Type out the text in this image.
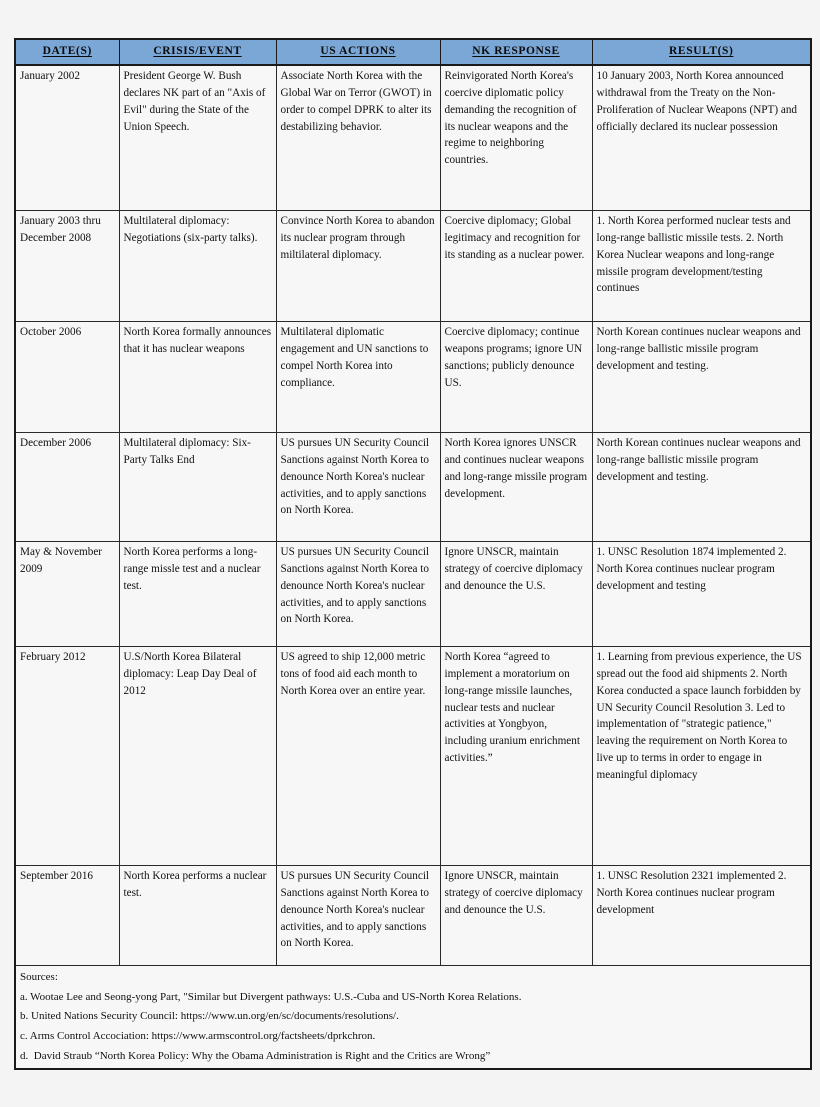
DATE(S)	CRISIS/EVENT	US ACTIONS	NK RESPONSE	RESULT(S)
January 2002	President George W. Bush declares NK part of an "Axis of Evil" during the State of the Union Speech.	Associate North Korea with the Global War on Terror (GWOT) in order to compel DPRK to alter its destabilizing behavior.	Reinvigorated North Korea's coercive diplomatic policy demanding the recognition of its nuclear weapons and the regime to neighboring countries.	10 January 2003, North Korea announced withdrawal from the Treaty on the Non-Proliferation of Nuclear Weapons (NPT) and officially declared its nuclear possession
January 2003 thru December 2008	Multilateral diplomacy: Negotiations (six-party talks).	Convince North Korea to abandon its nuclear program through miltilateral diplomacy.	Coercive diplomacy; Global legitimacy and recognition for its standing as a nuclear power.	1. North Korea performed nuclear tests and long-range ballistic missile tests. 2. North Korea Nuclear weapons and long-range missile program development/testing continues
October 2006	North Korea formally announces that it has nuclear weapons	Multilateral diplomatic engagement and UN sanctions to compel North Korea into compliance.	Coercive diplomacy; continue weapons programs; ignore UN sanctions; publicly denounce US.	North Korean continues nuclear weapons and long-range ballistic missile program development and testing.
December 2006	Multilateral diplomacy: Six-Party Talks End	US pursues UN Security Council Sanctions against North Korea to denounce North Korea's nuclear activities, and to apply sanctions on North Korea.	North Korea ignores UNSCR and continues nuclear weapons and long-range missile program development.	North Korean continues nuclear weapons and long-range ballistic missile program development and testing.
May & November 2009	North Korea performs a long-range missle test and a nuclear test.	US pursues UN Security Council Sanctions against North Korea to denounce North Korea's nuclear activities, and to apply sanctions on North Korea.	Ignore UNSCR, maintain strategy of coercive diplomacy and denounce the U.S.	1. UNSC Resolution 1874 implemented 2. North Korea continues nuclear program development and testing
February 2012	U.S/North Korea Bilateral diplomacy: Leap Day Deal of 2012	US agreed to ship 12,000 metric tons of food aid each month to North Korea over an entire year.	North Korea “agreed to implement a moratorium on long-range missile launches, nuclear tests and nuclear activities at Yongbyon, including uranium enrichment activities.”	1. Learning from previous experience, the US spread out the food aid shipments 2. North Korea conducted a space launch forbidden by UN Security Council Resolution 3. Led to implementation of "strategic patience," leaving the requirement on North Korea to live up to terms in order to engage in meaningful diplomacy
September 2016	North Korea performs a nuclear test.	US pursues UN Security Council Sanctions against North Korea to denounce North Korea's nuclear activities, and to apply sanctions on North Korea.	Ignore UNSCR, maintain strategy of coercive diplomacy and denounce the U.S.	1. UNSC Resolution 2321 implemented 2. North Korea continues nuclear program development

Sources:
a. Wootae Lee and Seong-yong Part, "Similar but Divergent pathways: U.S.-Cuba and US-North Korea Relations.
b. United Nations Security Council: https://www.un.org/en/sc/documents/resolutions/.
c. Arms Control Accociation: https://www.armscontrol.org/factsheets/dprkchron.
d.  David Straub “North Korea Policy: Why the Obama Administration is Right and the Critics are Wrong”				
